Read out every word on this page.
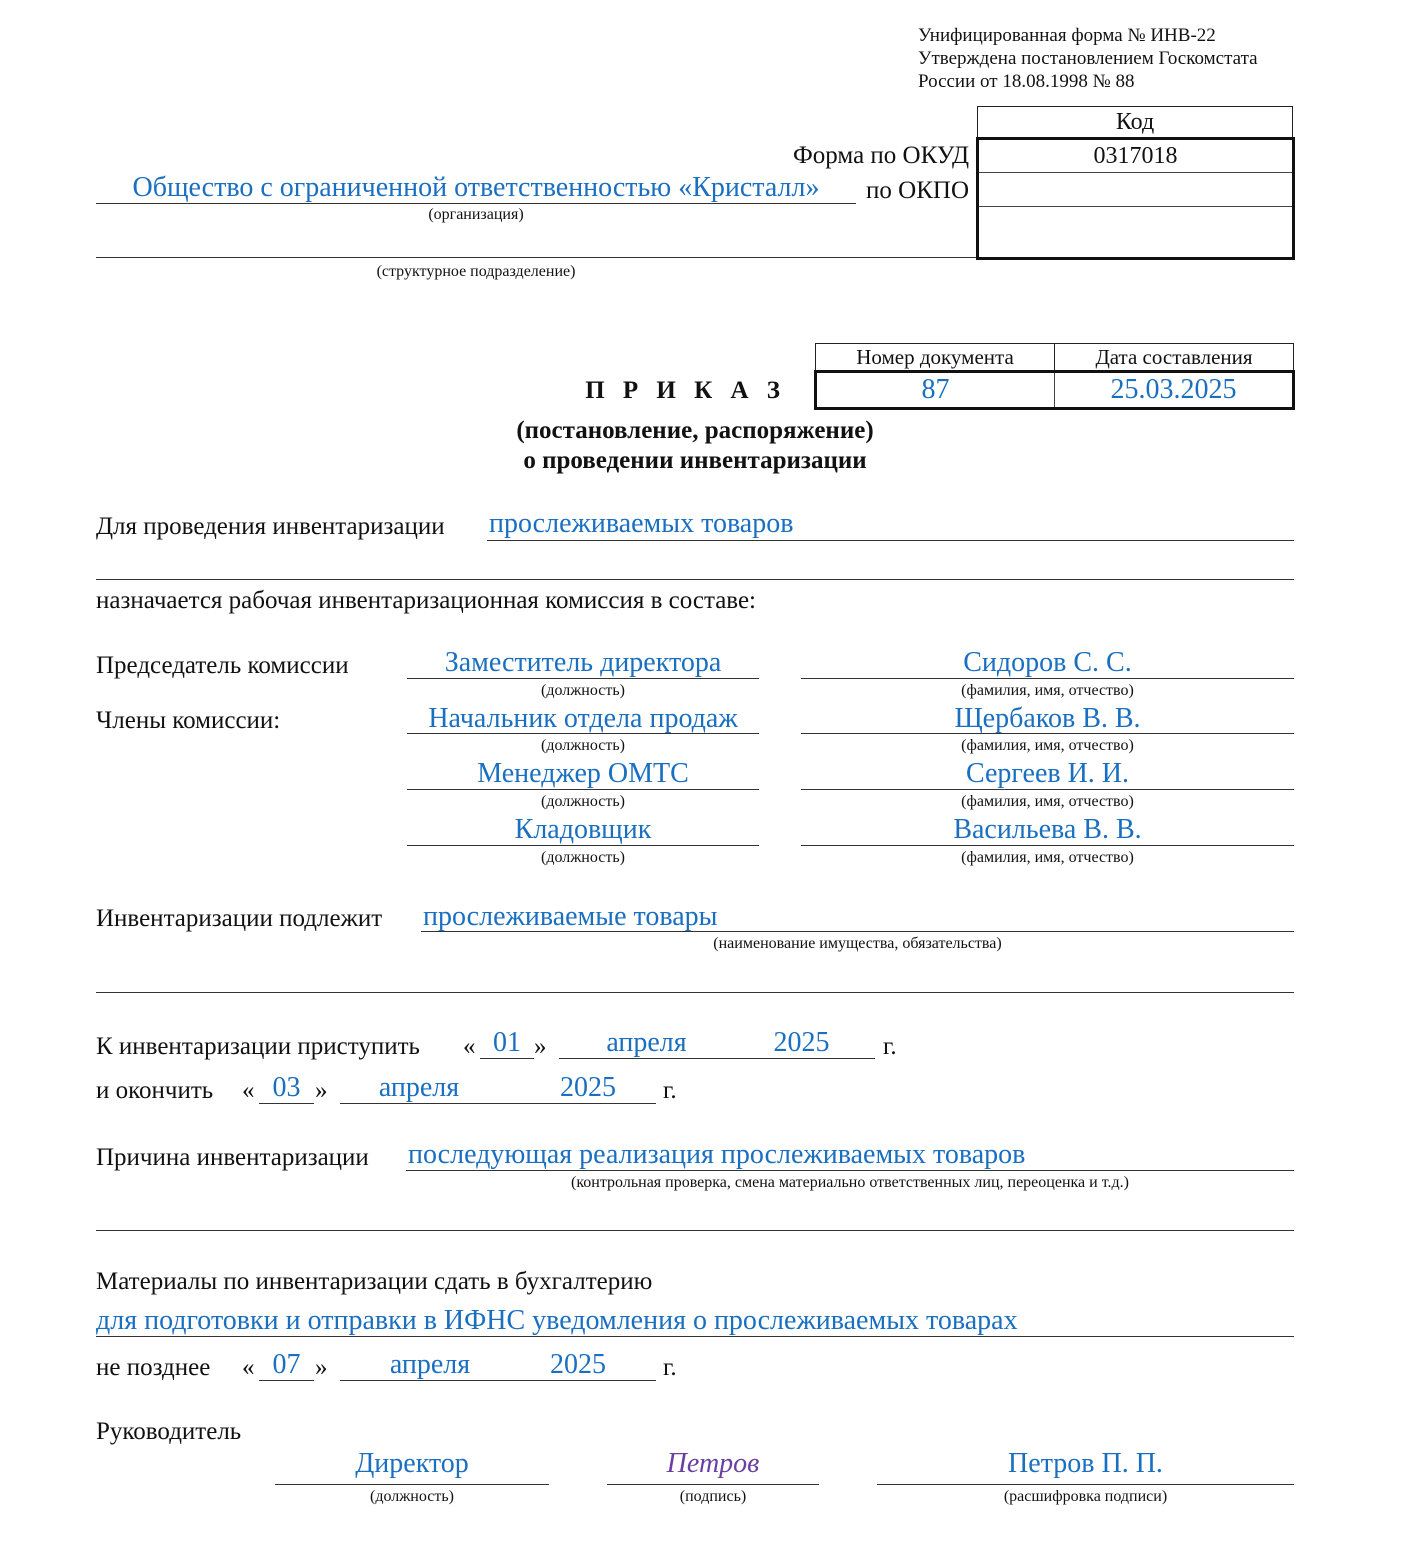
Унифицированная форма № ИНВ-22
Утверждена постановлением Госкомстата
России от 18.08.1998 № 88
Код
0317018
Форма по ОКУД
по ОКПО
Общество с ограниченной ответственностью «Кристалл»
(организация)
(структурное подразделение)
Номер документа	Дата составления
87	25.03.2025
П Р И К А З
(постановление, распоряжение)
о проведении инвентаризации
Для проведения инвентаризации прослеживаемых товаров
назначается рабочая инвентаризационная комиссия в составе:
Председатель комиссии
Члены комиссии:
Заместитель директора
(должность)
Сидоров С. С.
(фамилия, имя, отчество)
Начальник отдела продаж
(должность)
Щербаков В. В.
(фамилия, имя, отчество)
Менеджер ОМТС
(должность)
Сергеев И. И.
(фамилия, имя, отчество)
Кладовщик
(должность)
Васильева В. В.
(фамилия, имя, отчество)
Инвентаризации подлежит прослеживаемые товары
(наименование имущества, обязательства)
К инвентаризации приступить « 01 »	апреля	2025	г.
и окончить « 03 »	апреля	2025	г.
Причина инвентаризации последующая реализация прослеживаемых товаров
(контрольная проверка, смена материально ответственных лиц, переоценка и т.д.)
Материалы по инвентаризации сдать в бухгалтерию
для подготовки и отправки в ИФНС уведомления о прослеживаемых товарах
не позднее « 07 »	апреля	2025	г.
Руководитель
Директор
(должность)
Петров
(подпись)
Петров П. П.
(расшифровка подписи)
